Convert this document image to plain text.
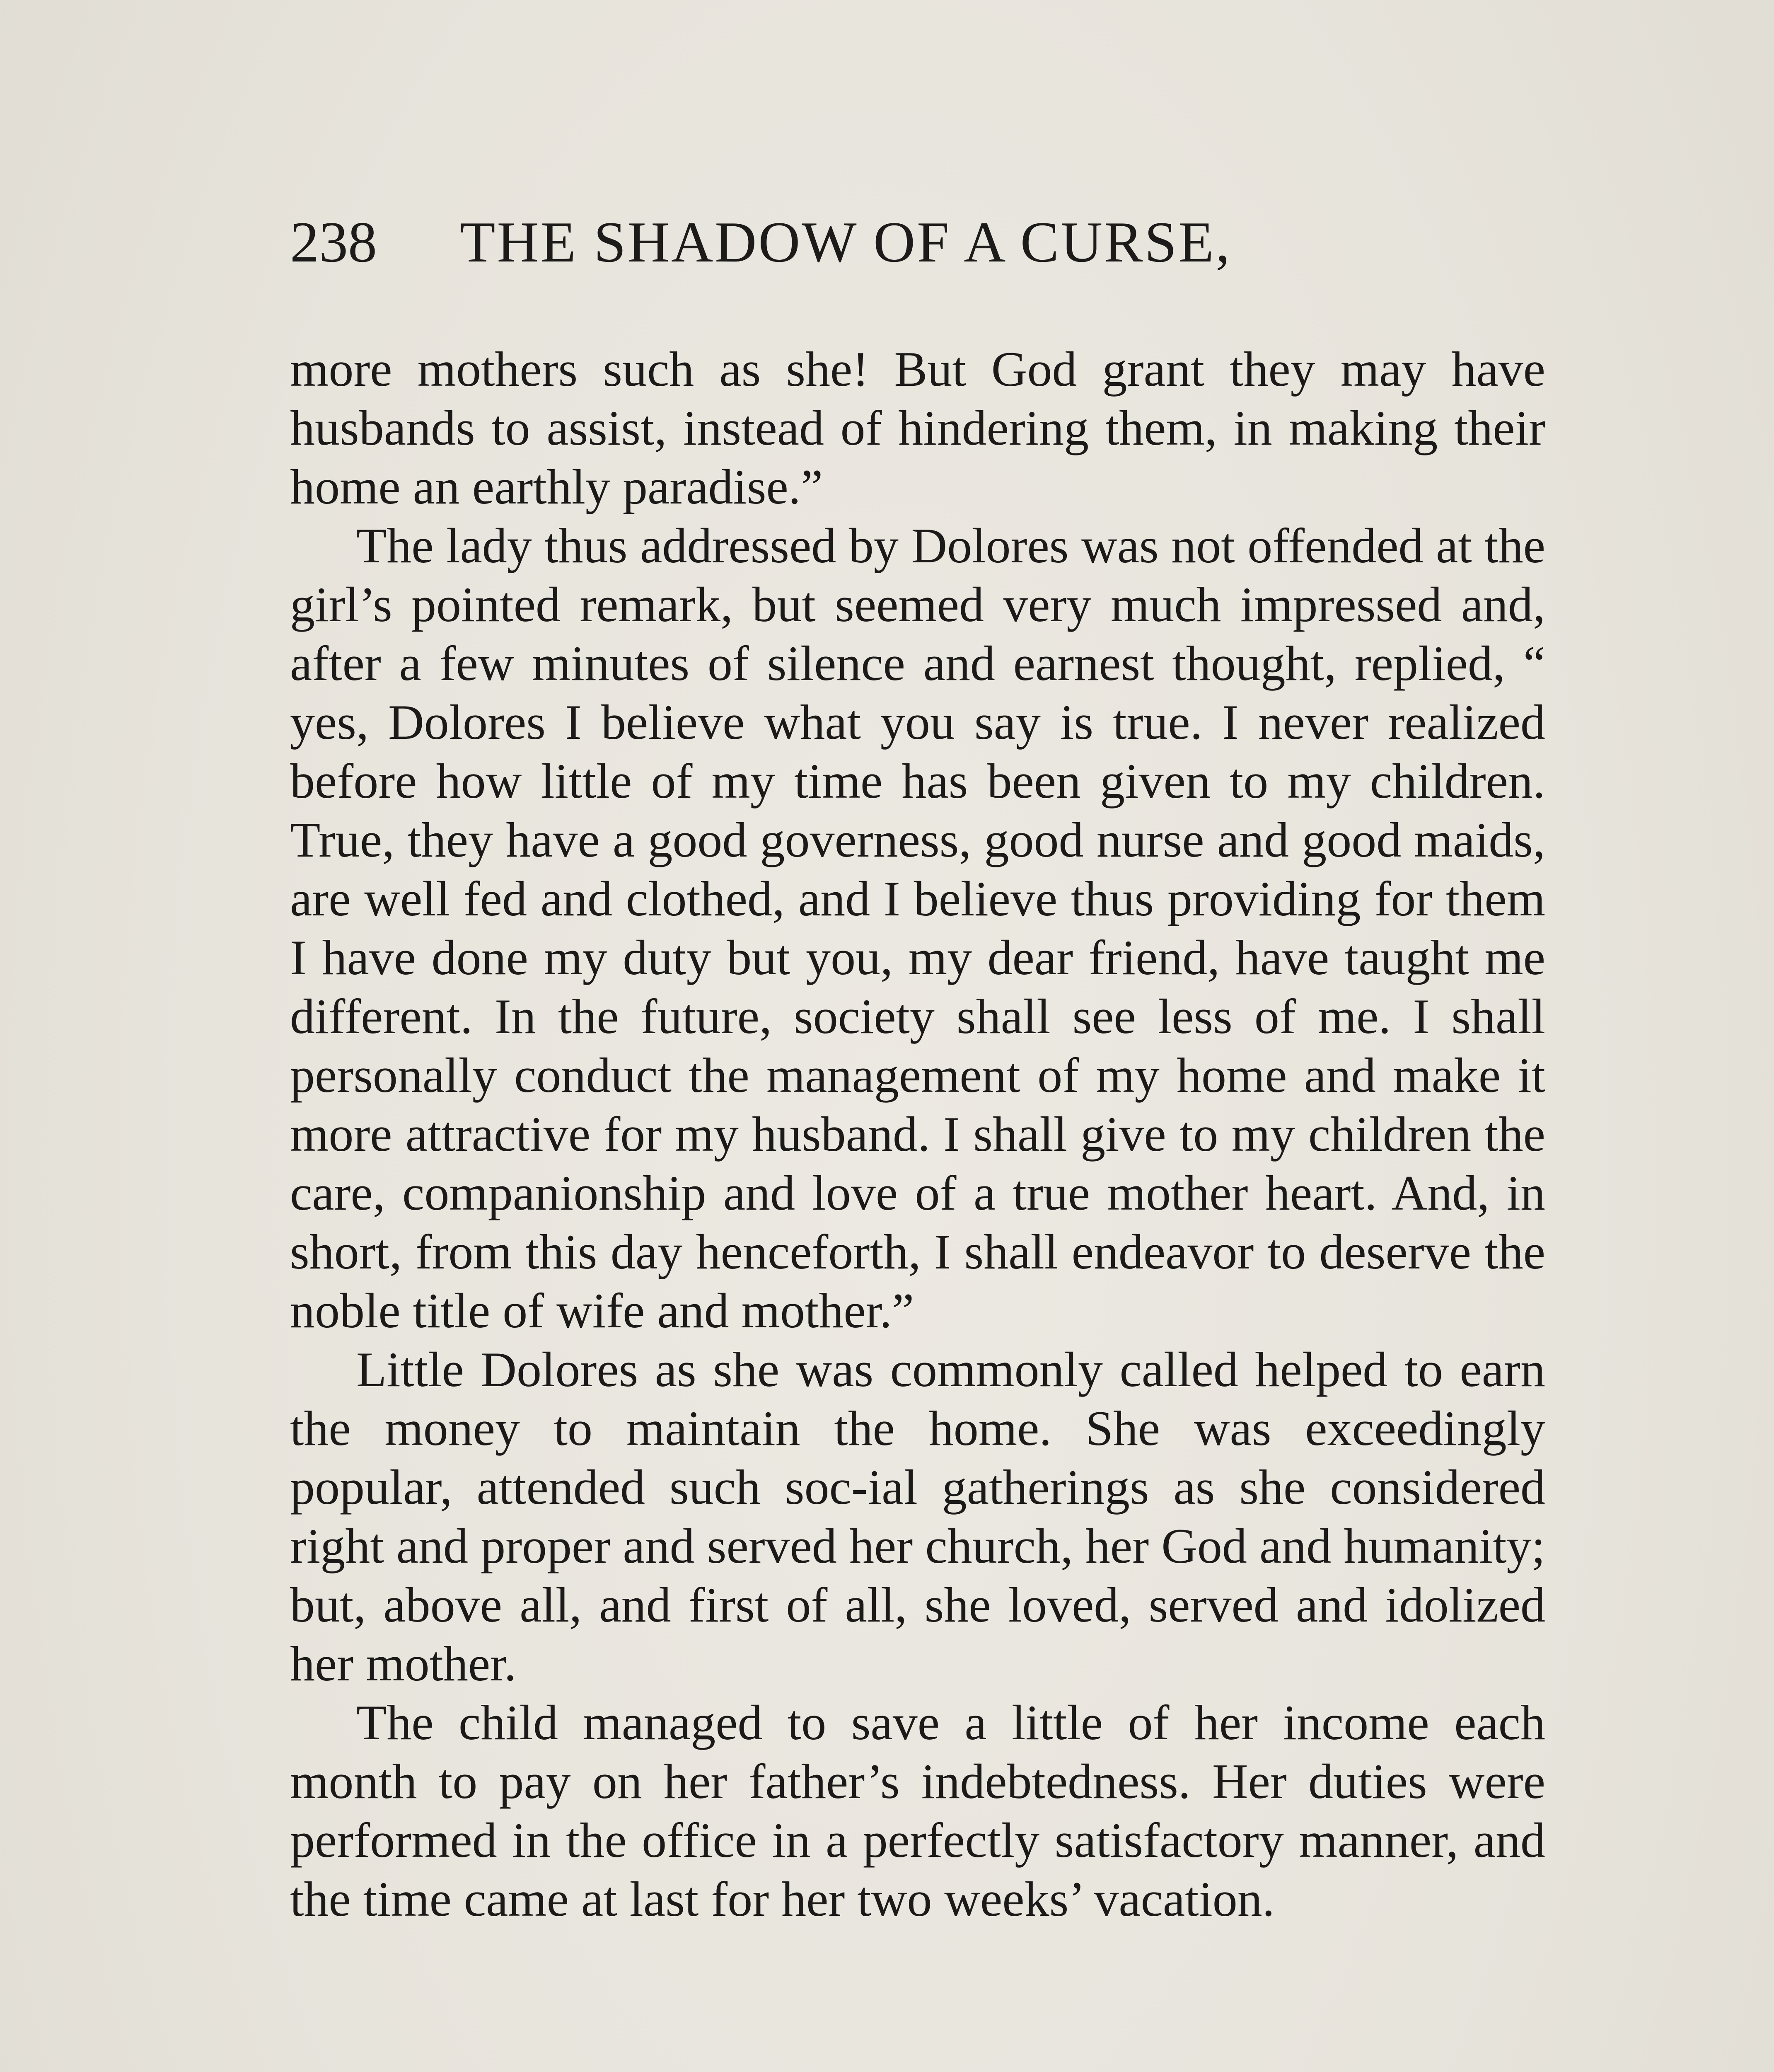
238 THE SHADOW OF A CURSE,

more mothers such as she! But God grant they may have husbands to assist, instead of hindering them, in making their home an earthly paradise.”

The lady thus addressed by Dolores was not offended at the girl’s pointed remark, but seemed very much impressed and, after a few minutes of silence and earnest thought, replied, “ yes, Dolores I believe what you say is true. I never realized before how little of my time has been given to my children. True, they have a good governess, good nurse and good maids, are well fed and clothed, and I believe thus providing for them I have done my duty but you, my dear friend, have taught me different. In the future, society shall see less of me. I shall personally conduct the management of my home and make it more attractive for my husband. I shall give to my children the care, companionship and love of a true mother heart. And, in short, from this day henceforth, I shall endeavor to deserve the noble title of wife and mother.”

Little Dolores as she was commonly called helped to earn the money to maintain the home. She was exceedingly popular, attended such soc-ial gatherings as she considered right and proper and served her church, her God and humanity; but, above all, and first of all, she loved, served and idolized her mother.

The child managed to save a little of her income each month to pay on her father’s indebtedness. Her duties were performed in the office in a perfectly satisfactory manner, and the time came at last for her two weeks’ vacation.
